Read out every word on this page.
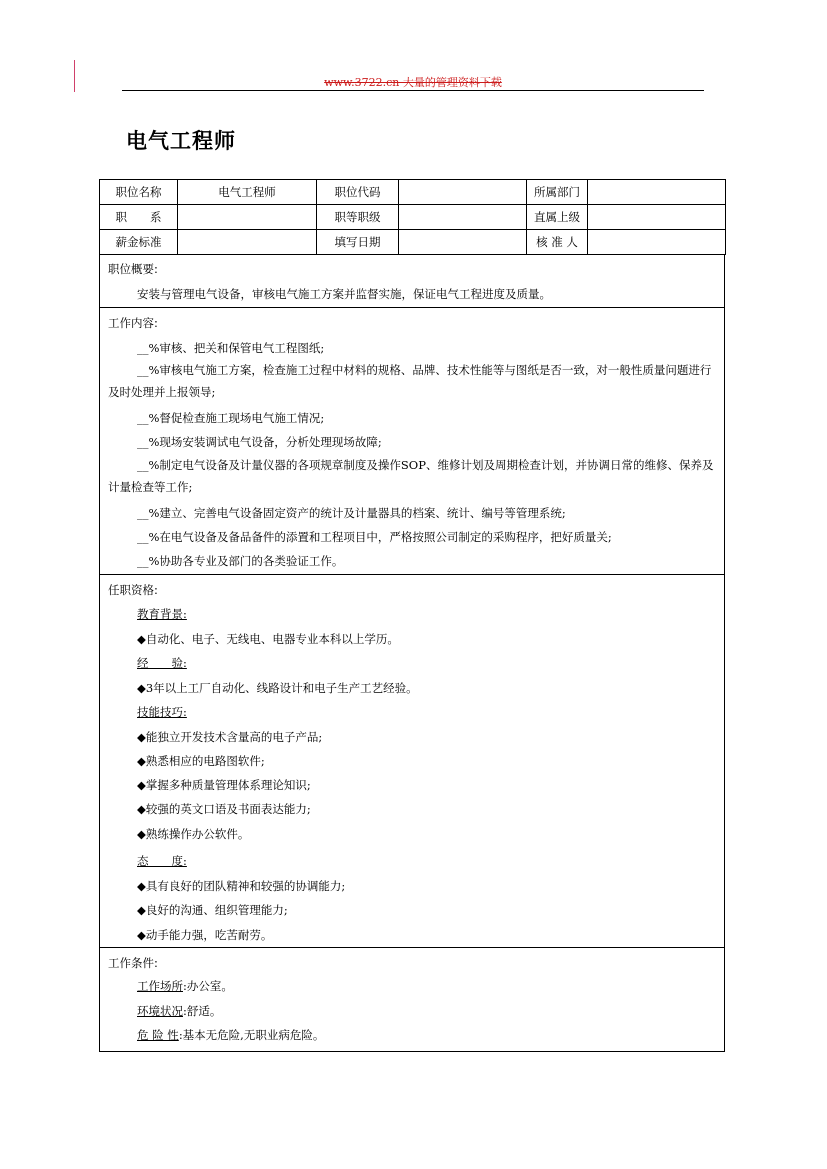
www.3722.cn 大量的管理资料下载
电气工程师
职位名称	电气工程师	职位代码		所属部门	
职　　系		职等职级		直属上级	
薪金标准		填写日期		核 准 人	
职位概要:
安装与管理电气设备，审核电气施工方案并监督实施，保证电气工程进度及质量。
工作内容:
__%审核、把关和保管电气工程图纸;
__%审核电气施工方案，检查施工过程中材料的规格、品牌、技术性能等与图纸是否一致，对一般性质量问题进行及时处理并上报领导;
__%督促检查施工现场电气施工情况;
__%现场安装调试电气设备，分析处理现场故障;
__%制定电气设备及计量仪器的各项规章制度及操作SOP、维修计划及周期检查计划，并协调日常的维修、保养及计量检查等工作;
__%建立、完善电气设备固定资产的统计及计量器具的档案、统计、编号等管理系统;
__%在电气设备及备品备件的添置和工程项目中，严格按照公司制定的采购程序，把好质量关;
__%协助各专业及部门的各类验证工作。
任职资格:
教育背景:
◆自动化、电子、无线电、电器专业本科以上学历。
经　　验:
◆3年以上工厂自动化、线路设计和电子生产工艺经验。
技能技巧:
◆能独立开发技术含量高的电子产品;
◆熟悉相应的电路图软件;
◆掌握多种质量管理体系理论知识;
◆较强的英文口语及书面表达能力;
◆熟练操作办公软件。
态　　度:
◆具有良好的团队精神和较强的协调能力;
◆良好的沟通、组织管理能力;
◆动手能力强，吃苦耐劳。
工作条件:
工作场所:办公室。
环境状况:舒适。
危 险 性:基本无危险,无职业病危险。
